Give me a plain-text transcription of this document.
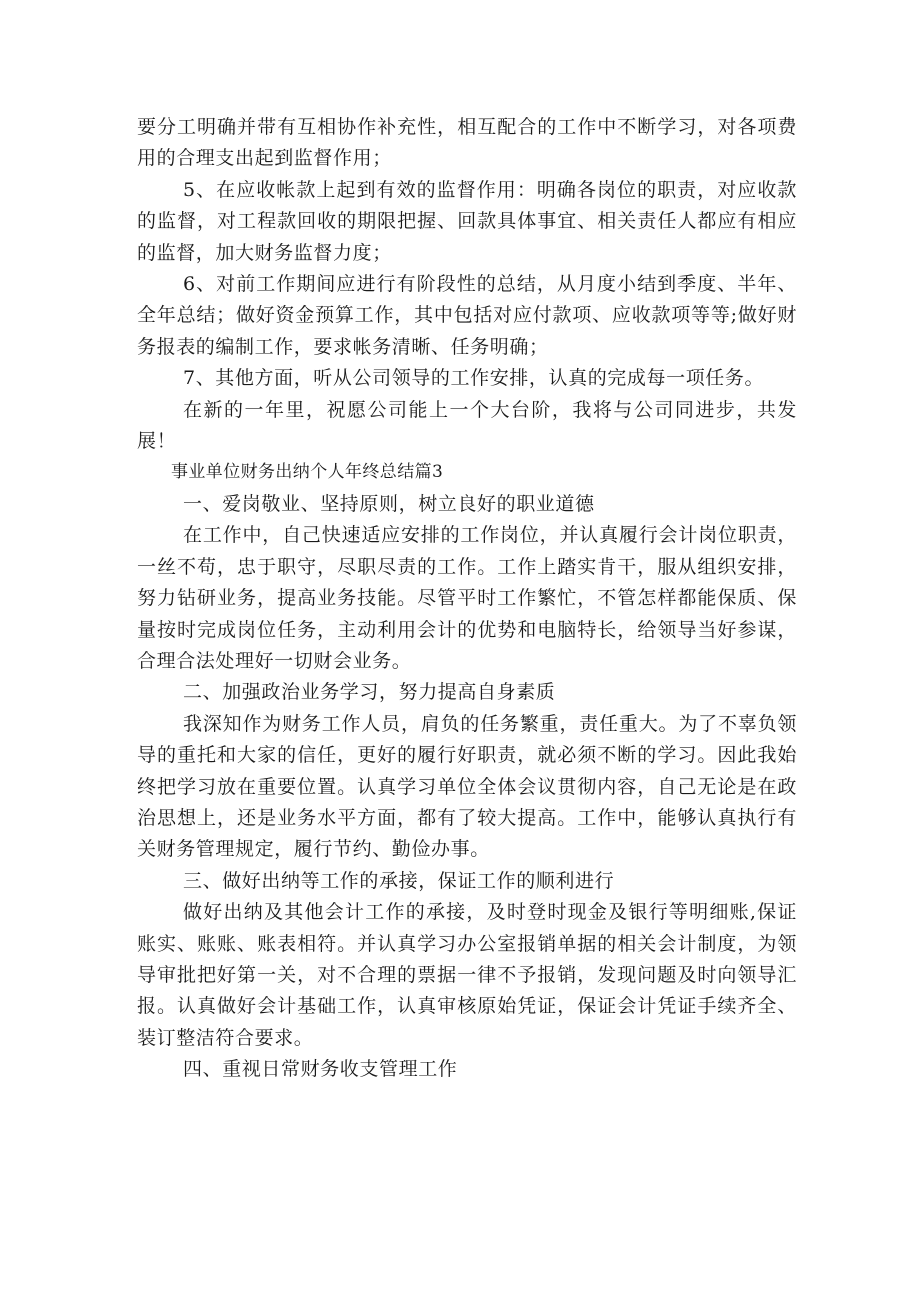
要分工明确并带有互相协作补充性，相互配合的工作中不断学习，对各项费用的合理支出起到监督作用；

5、在应收帐款上起到有效的监督作用：明确各岗位的职责，对应收款的监督，对工程款回收的期限把握、回款具体事宜、相关责任人都应有相应的监督，加大财务监督力度；

6、对前工作期间应进行有阶段性的总结，从月度小结到季度、半年、全年总结；做好资金预算工作，其中包括对应付款项、应收款项等等;做好财务报表的编制工作，要求帐务清晰、任务明确；

7、其他方面，听从公司领导的工作安排，认真的完成每一项任务。

在新的一年里，祝愿公司能上一个大台阶，我将与公司同进步，共发展！

事业单位财务出纳个人年终总结篇3

一、爱岗敬业、坚持原则，树立良好的职业道德

在工作中，自己快速适应安排的工作岗位，并认真履行会计岗位职责，一丝不苟，忠于职守，尽职尽责的工作。工作上踏实肯干，服从组织安排，努力钻研业务，提高业务技能。尽管平时工作繁忙，不管怎样都能保质、保量按时完成岗位任务，主动利用会计的优势和电脑特长，给领导当好参谋，合理合法处理好一切财会业务。

二、加强政治业务学习，努力提高自身素质

我深知作为财务工作人员，肩负的任务繁重，责任重大。为了不辜负领导的重托和大家的信任，更好的履行好职责，就必须不断的学习。因此我始终把学习放在重要位置。认真学习单位全体会议贯彻内容，自己无论是在政治思想上，还是业务水平方面，都有了较大提高。工作中，能够认真执行有关财务管理规定，履行节约、勤俭办事。

三、做好出纳等工作的承接，保证工作的顺利进行

做好出纳及其他会计工作的承接，及时登时现金及银行等明细账,保证账实、账账、账表相符。并认真学习办公室报销单据的相关会计制度，为领导审批把好第一关，对不合理的票据一律不予报销，发现问题及时向领导汇报。认真做好会计基础工作，认真审核原始凭证，保证会计凭证手续齐全、装订整洁符合要求。

四、重视日常财务收支管理工作
